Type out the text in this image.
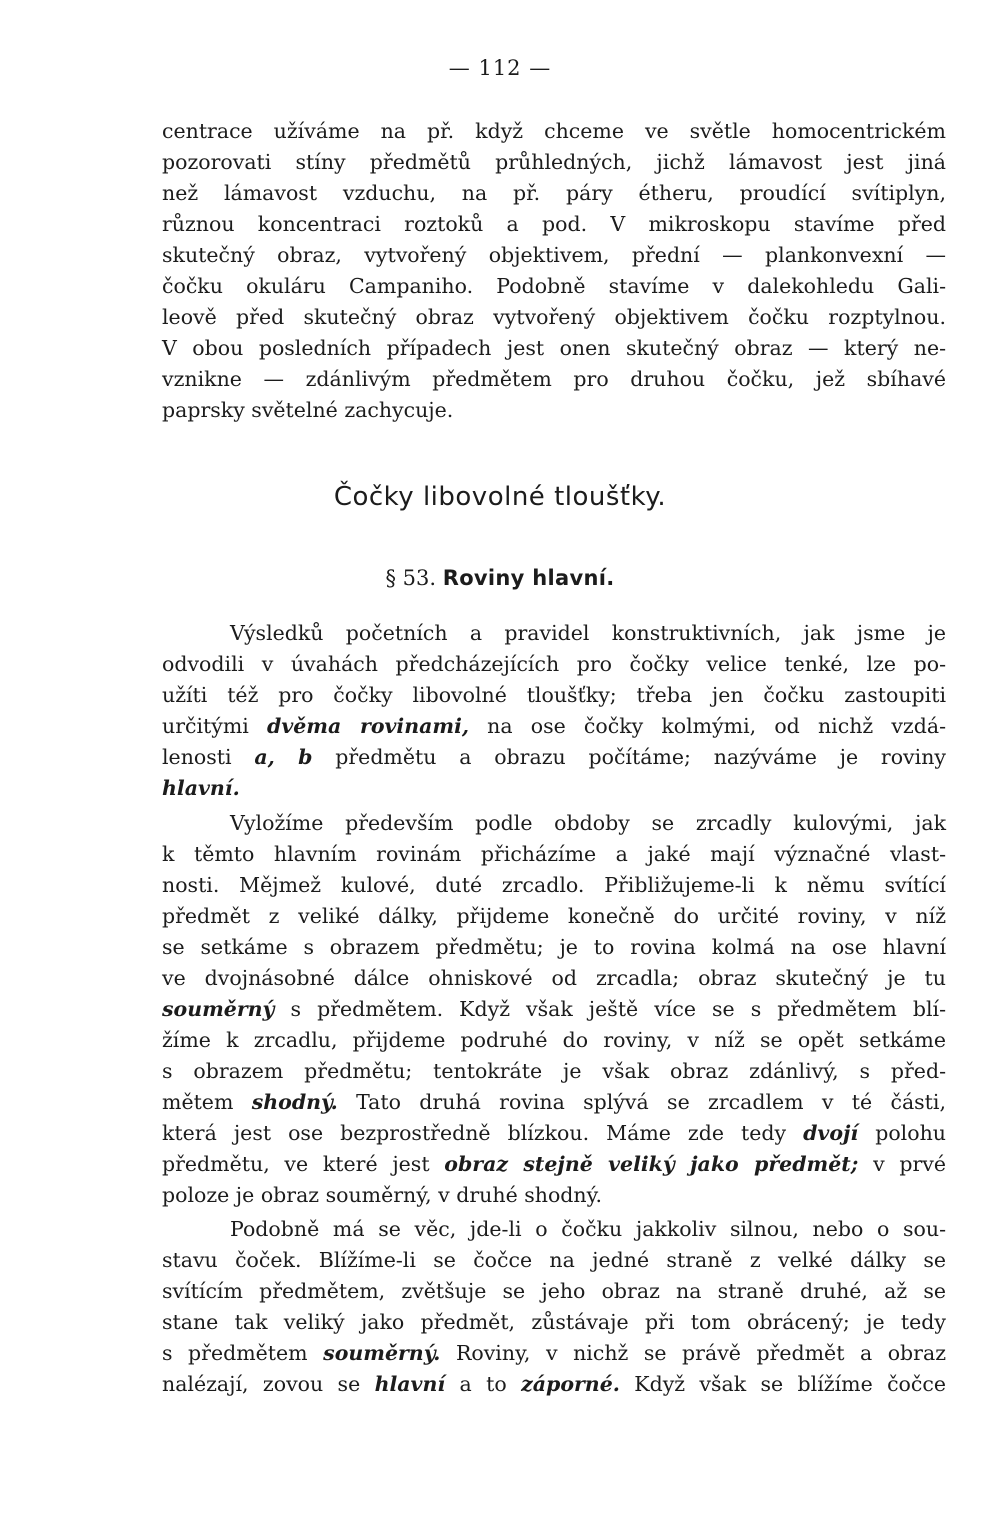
— 112 —
centrace užíváme na př. když chceme ve světle homocentrickém
pozorovati stíny předmětů průhledných, jichž lámavost jest jiná
než lámavost vzduchu, na př. páry étheru, proudící svítiplyn,
různou koncentraci roztoků a pod. V mikroskopu stavíme před
skutečný obraz, vytvořený objektivem, přední — plankonvexní —
čočku okuláru Campaniho. Podobně stavíme v dalekohledu Gali-
leově před skutečný obraz vytvořený objektivem čočku rozptylnou.
V obou posledních případech jest onen skutečný obraz — který ne-
vznikne — zdánlivým předmětem pro druhou čočku, jež sbíhavé
paprsky světelné zachycuje.
Čočky libovolné tloušťky.
§ 53. Roviny hlavní.
Výsledků početních a pravidel konstruktivních, jak jsme je
odvodili v úvahách předcházejících pro čočky velice tenké, lze po-
užíti též pro čočky libovolné tloušťky; třeba jen čočku zastoupiti
určitými dvěma rovinami, na ose čočky kolmými, od nichž vzdá-
lenosti a, b předmětu a obrazu počítáme; nazýváme je roviny
hlavní.
Vyložíme především podle obdoby se zrcadly kulovými, jak
k těmto hlavním rovinám přicházíme a jaké mají význačné vlast-
nosti. Mějmež kulové, duté zrcadlo. Přibližujeme-li k němu svítící
předmět z veliké dálky, přijdeme konečně do určité roviny, v níž
se setkáme s obrazem předmětu; je to rovina kolmá na ose hlavní
ve dvojnásobné dálce ohniskové od zrcadla; obraz skutečný je tu
souměrný s předmětem. Když však ještě více se s předmětem blí-
žíme k zrcadlu, přijdeme podruhé do roviny, v níž se opět setkáme
s obrazem předmětu; tentokráte je však obraz zdánlivý, s před-
mětem shodný. Tato druhá rovina splývá se zrcadlem v té části,
která jest ose bezprostředně blízkou. Máme zde tedy dvojí polohu
předmětu, ve které jest obraz stejně veliký jako předmět; v prvé
poloze je obraz souměrný, v druhé shodný.
Podobně má se věc, jde-li o čočku jakkoliv silnou, nebo o sou-
stavu čoček. Blížíme-li se čočce na jedné straně z velké dálky se
svítícím předmětem, zvětšuje se jeho obraz na straně druhé, až se
stane tak veliký jako předmět, zůstávaje při tom obrácený; je tedy
s předmětem souměrný. Roviny, v nichž se právě předmět a obraz
nalézají, zovou se hlavní a to záporné. Když však se blížíme čočce
